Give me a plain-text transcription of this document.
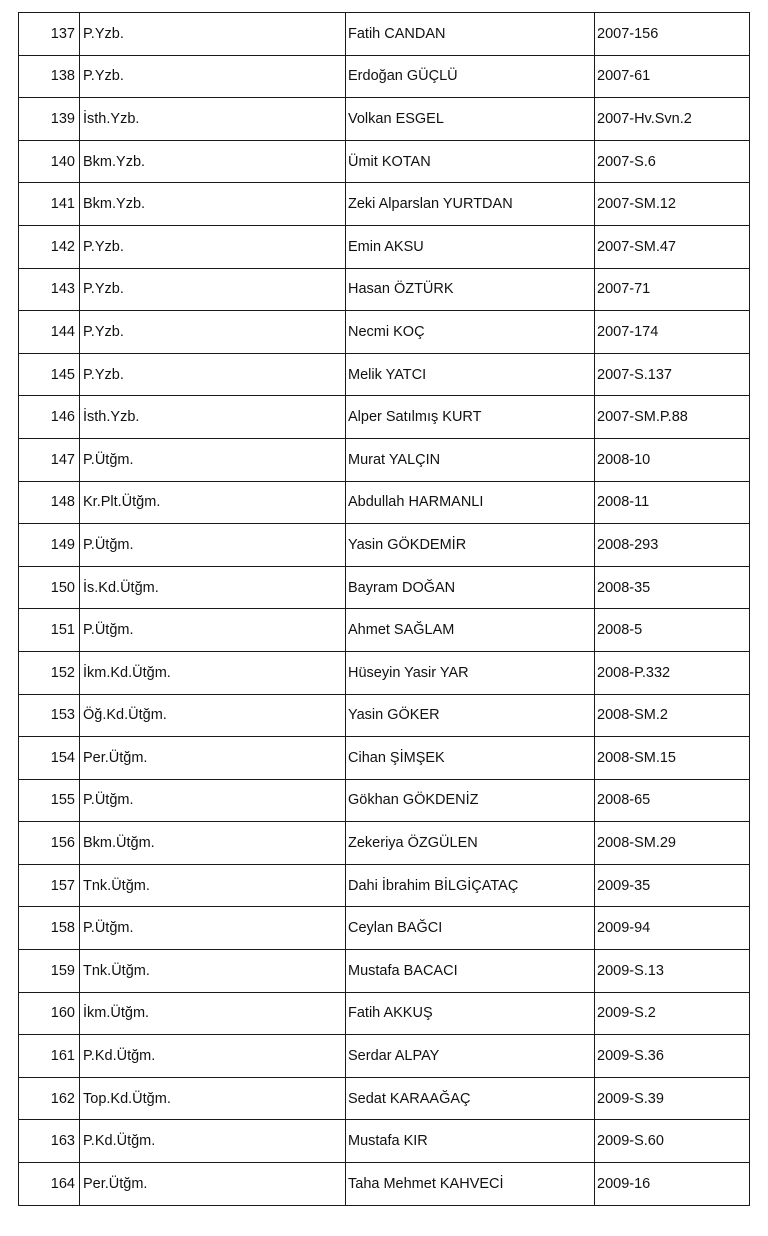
137	P.Yzb.	Fatih CANDAN	2007-156
138	P.Yzb.	Erdoğan GÜÇLÜ	2007-61
139	İsth.Yzb.	Volkan ESGEL	2007-Hv.Svn.2
140	Bkm.Yzb.	Ümit KOTAN	2007-S.6
141	Bkm.Yzb.	Zeki Alparslan YURTDAN	2007-SM.12
142	P.Yzb.	Emin AKSU	2007-SM.47
143	P.Yzb.	Hasan ÖZTÜRK	2007-71
144	P.Yzb.	Necmi KOÇ	2007-174
145	P.Yzb.	Melik YATCI	2007-S.137
146	İsth.Yzb.	Alper Satılmış KURT	2007-SM.P.88
147	P.Ütğm.	Murat YALÇIN	2008-10
148	Kr.Plt.Ütğm.	Abdullah HARMANLI	2008-11
149	P.Ütğm.	Yasin GÖKDEMİR	2008-293
150	İs.Kd.Ütğm.	Bayram DOĞAN	2008-35
151	P.Ütğm.	Ahmet SAĞLAM	2008-5
152	İkm.Kd.Ütğm.	Hüseyin Yasir YAR	2008-P.332
153	Öğ.Kd.Ütğm.	Yasin GÖKER	2008-SM.2
154	Per.Ütğm.	Cihan ŞİMŞEK	2008-SM.15
155	P.Ütğm.	Gökhan GÖKDENİZ	2008-65
156	Bkm.Ütğm.	Zekeriya ÖZGÜLEN	2008-SM.29
157	Tnk.Ütğm.	Dahi İbrahim BİLGİÇATAÇ	2009-35
158	P.Ütğm.	Ceylan BAĞCI	2009-94
159	Tnk.Ütğm.	Mustafa BACACI	2009-S.13
160	İkm.Ütğm.	Fatih AKKUŞ	2009-S.2
161	P.Kd.Ütğm.	Serdar ALPAY	2009-S.36
162	Top.Kd.Ütğm.	Sedat KARAAĞAÇ	2009-S.39
163	P.Kd.Ütğm.	Mustafa KIR	2009-S.60
164	Per.Ütğm.	Taha Mehmet KAHVECİ	2009-16
